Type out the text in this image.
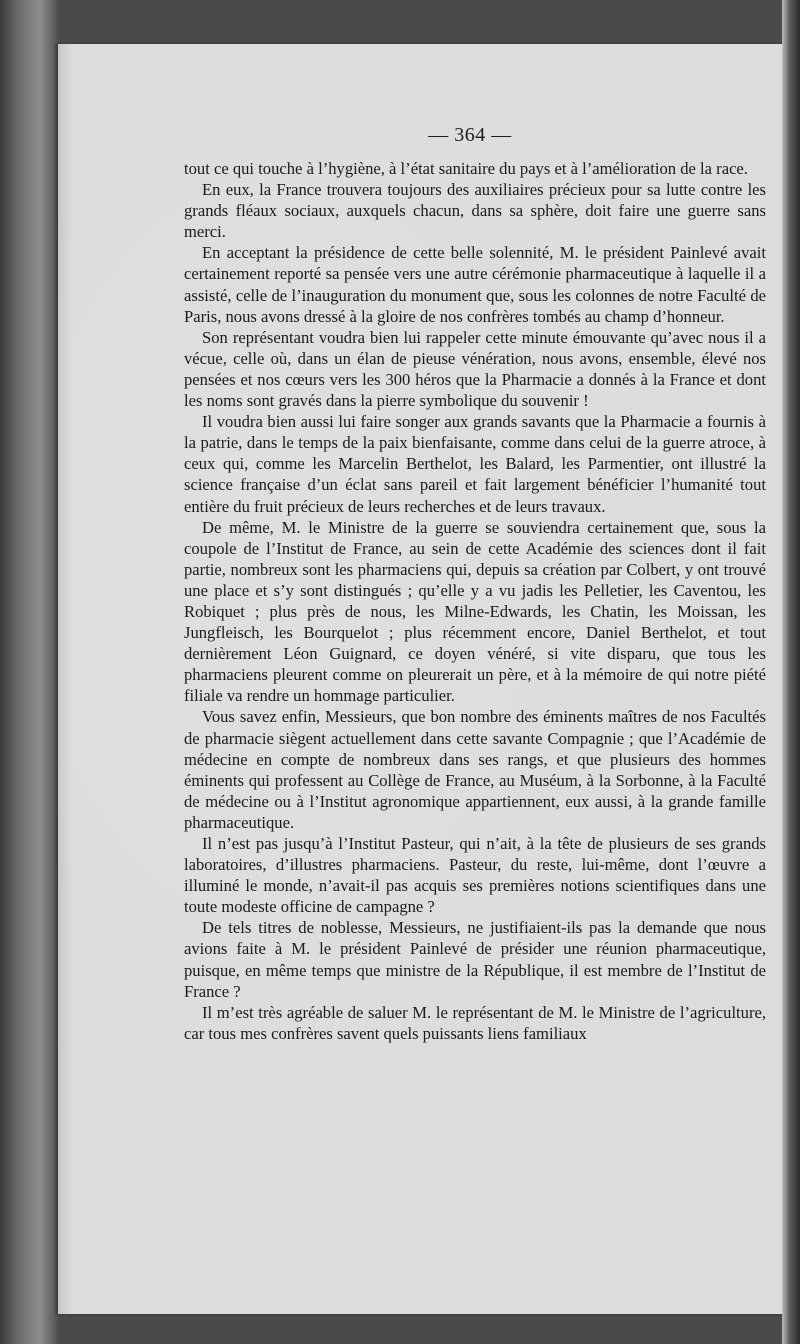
— 364 —

tout ce qui touche à l’hygiène, à l’état sanitaire du pays et à l’amélioration de la race.

En eux, la France trouvera toujours des auxiliaires précieux pour sa lutte contre les grands fléaux sociaux, auxquels chacun, dans sa sphère, doit faire une guerre sans merci.

En acceptant la présidence de cette belle solennité, M. le président Painlevé avait certainement reporté sa pensée vers une autre cérémonie pharmaceutique à laquelle il a assisté, celle de l’inauguration du monument que, sous les colonnes de notre Faculté de Paris, nous avons dressé à la gloire de nos confrères tombés au champ d’honneur.

Son représentant voudra bien lui rappeler cette minute émouvante qu’avec nous il a vécue, celle où, dans un élan de pieuse vénération, nous avons, ensemble, élevé nos pensées et nos cœurs vers les 300 héros que la Pharmacie a donnés à la France et dont les noms sont gravés dans la pierre symbolique du souvenir !

Il voudra bien aussi lui faire songer aux grands savants que la Pharmacie a fournis à la patrie, dans le temps de la paix bienfaisante, comme dans celui de la guerre atroce, à ceux qui, comme les Marcelin Berthelot, les Balard, les Parmentier, ont illustré la science française d’un éclat sans pareil et fait largement bénéficier l’humanité tout entière du fruit précieux de leurs recherches et de leurs travaux.

De même, M. le Ministre de la guerre se souviendra certainement que, sous la coupole de l’Institut de France, au sein de cette Académie des sciences dont il fait partie, nombreux sont les pharmaciens qui, depuis sa création par Colbert, y ont trouvé une place et s’y sont distingués ; qu’elle y a vu jadis les Pelletier, les Caventou, les Robiquet ; plus près de nous, les Milne-Edwards, les Chatin, les Moissan, les Jungfleisch, les Bourquelot ; plus récemment encore, Daniel Berthelot, et tout dernièrement Léon Guignard, ce doyen vénéré, si vite disparu, que tous les pharmaciens pleurent comme on pleurerait un père, et à la mémoire de qui notre piété filiale va rendre un hommage particulier.

Vous savez enfin, Messieurs, que bon nombre des éminents maîtres de nos Facultés de pharmacie siègent actuellement dans cette savante Compagnie ; que l’Académie de médecine en compte de nombreux dans ses rangs, et que plusieurs des hommes éminents qui professent au Collège de France, au Muséum, à la Sorbonne, à la Faculté de médecine ou à l’Institut agronomique appartiennent, eux aussi, à la grande famille pharmaceutique.

Il n’est pas jusqu’à l’Institut Pasteur, qui n’ait, à la tête de plusieurs de ses grands laboratoires, d’illustres pharmaciens. Pasteur, du reste, lui-même, dont l’œuvre a illuminé le monde, n’avait-il pas acquis ses premières notions scientifiques dans une toute modeste officine de campagne ?

De tels titres de noblesse, Messieurs, ne justifiaient-ils pas la demande que nous avions faite à M. le président Painlevé de présider une réunion pharmaceutique, puisque, en même temps que ministre de la République, il est membre de l’Institut de France ?

Il m’est très agréable de saluer M. le représentant de M. le Ministre de l’agriculture, car tous mes confrères savent quels puissants liens familiaux
